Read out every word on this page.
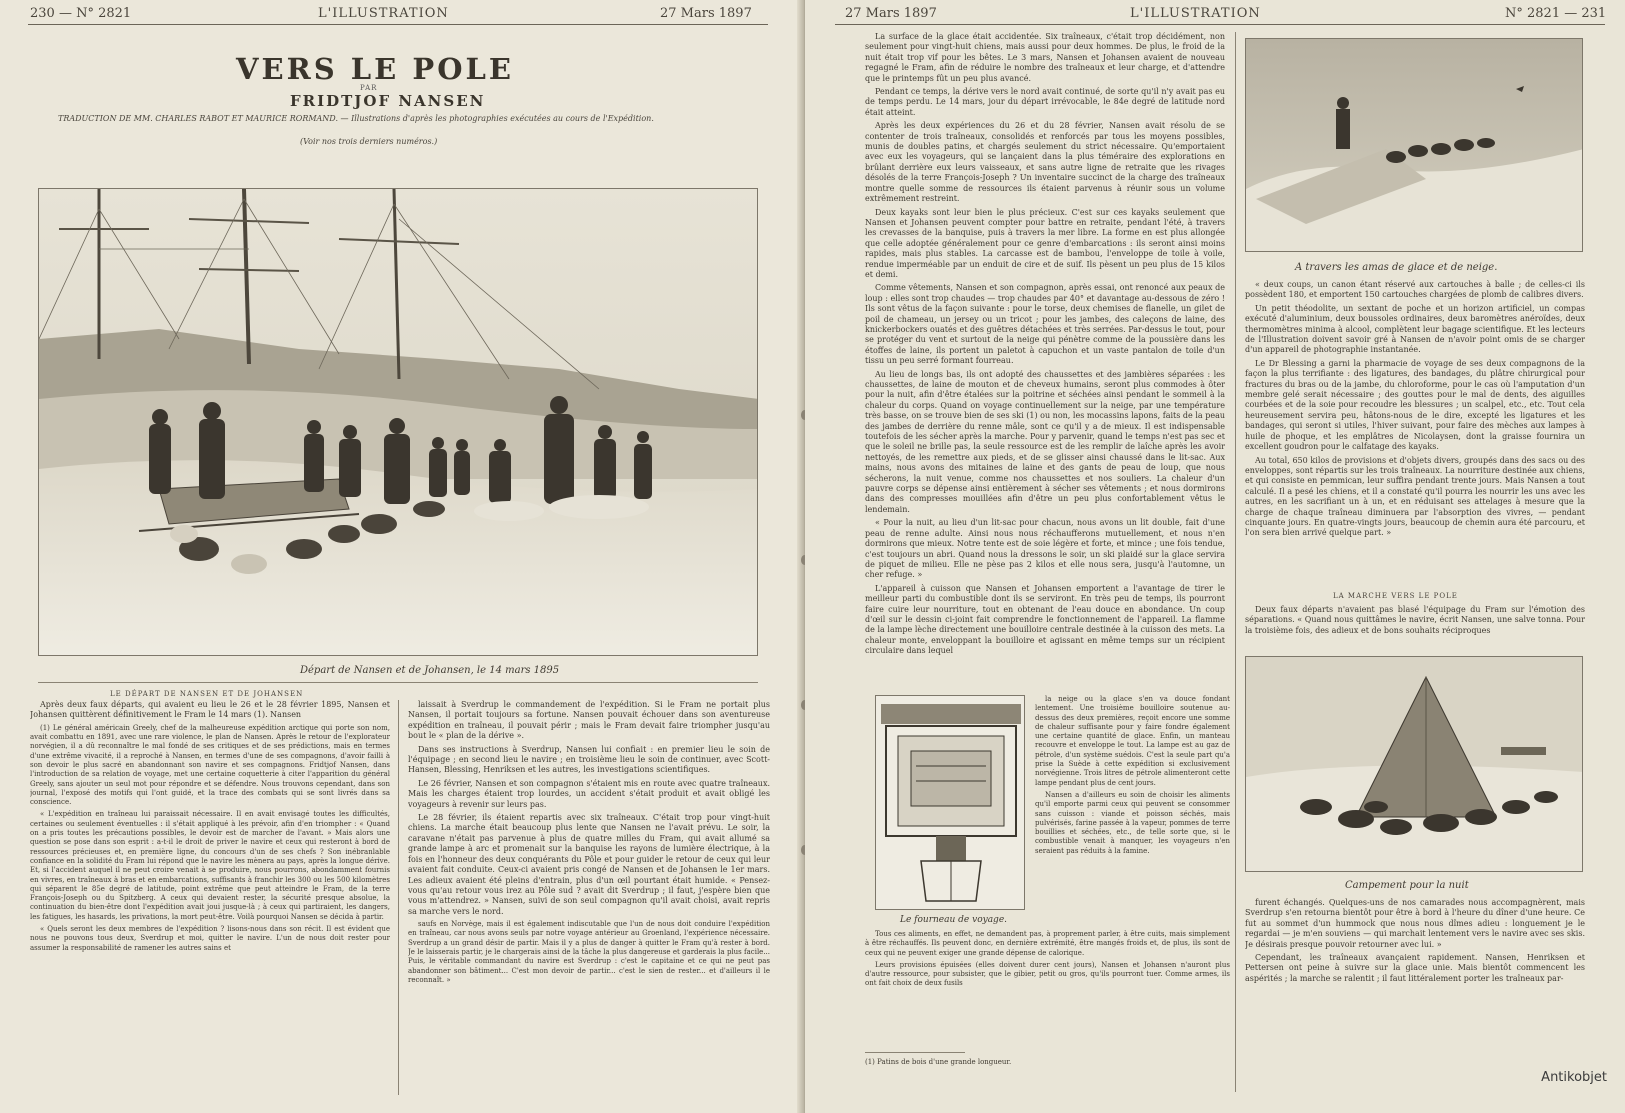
230 — N° 2821	L'ILLUSTRATION	27 Mars 1897
VERS LE POLE
PAR
FRIDTJOF NANSEN
TRADUCTION DE MM. CHARLES RABOT ET MAURICE RORMAND. — Illustrations d'après les photographies exécutées au cours de l'Expédition.
(Voir nos trois derniers numéros.)
Départ de Nansen et de Johansen, le 14 mars 1895
LE DÉPART DE NANSEN ET DE JOHANSEN

Après deux faux départs, qui avaient eu lieu le 26 et le 28 février 1895, Nansen et Johansen quittèrent définitivement le Fram le 14 mars (1). Nansen

(1) Le général américain Greely, chef de la malheureuse expédition arctique qui porte son nom, avait combattu en 1891, avec une rare violence, le plan de Nansen. Après le retour de l'explorateur norvégien, il a dû reconnaître le mal fondé de ses critiques et de ses prédictions, mais en termes d'une extrême vivacité, il a reproché à Nansen, en termes d'une de ses compagnons, d'avoir failli à son devoir le plus sacré en abandonnant son navire et ses compagnons. Fridtjof Nansen, dans l'introduction de sa relation de voyage, met une certaine coquetterie à citer l'apparition du général Greely, sans ajouter un seul mot pour répondre et se défendre. Nous trouvons cependant, dans son journal, l'exposé des motifs qui l'ont guidé, et la trace des combats qui se sont livrés dans sa conscience.

« L'expédition en traîneau lui paraissait nécessaire. Il en avait envisagé toutes les difficultés, certaines ou seulement éventuelles : il s'était appliqué à les prévoir, afin d'en triompher : « Quand on a pris toutes les précautions possibles, le devoir est de marcher de l'avant. » Mais alors une question se pose dans son esprit : a-t-il le droit de priver le navire et ceux qui resteront à bord de ressources précieuses et, en première ligne, du concours d'un de ses chefs ? Son inébranlable confiance en la solidité du Fram lui répond que le navire les mènera au pays, après la longue dérive. Et, si l'accident auquel il ne peut croire venait à se produire, nous pourrons, abondamment fournis en vivres, en traîneaux à bras et en embarcations, suffisants à franchir les 300 ou les 500 kilomètres qui séparent le 85e degré de latitude, point extrême que peut atteindre le Fram, de la terre François-Joseph ou du Spitzberg. A ceux qui devaient rester, la sécurité presque absolue, la continuation du bien-être dont l'expédition avait joui jusque-là ; à ceux qui partiraient, les dangers, les fatigues, les hasards, les privations, la mort peut-être. Voilà pourquoi Nansen se décida à partir.

« Quels seront les deux membres de l'expédition ? lisons-nous dans son récit. Il est évident que nous ne pouvons tous deux, Sverdrup et moi, quitter le navire. L'un de nous doit rester pour assumer la responsabilité de ramener les autres sains et

laissait à Sverdrup le commandement de l'expédition. Si le Fram ne portait plus Nansen, il portait toujours sa fortune. Nansen pouvait échouer dans son aventureuse expédition en traîneau, il pouvait périr ; mais le Fram devait faire triompher jusqu'au bout le « plan de la dérive ».

Dans ses instructions à Sverdrup, Nansen lui confiait : en premier lieu le soin de l'équipage ; en second lieu le navire ; en troisième lieu le soin de continuer, avec Scott-Hansen, Blessing, Henriksen et les autres, les investigations scientifiques.

Le 26 février, Nansen et son compagnon s'étaient mis en route avec quatre traîneaux. Mais les charges étaient trop lourdes, un accident s'était produit et avait obligé les voyageurs à revenir sur leurs pas.

Le 28 février, ils étaient repartis avec six traîneaux. C'était trop pour vingt-huit chiens. La marche était beaucoup plus lente que Nansen ne l'avait prévu. Le soir, la caravane n'était pas parvenue à plus de quatre milles du Fram, qui avait allumé sa grande lampe à arc et promenait sur la banquise les rayons de lumière électrique, à la fois en l'honneur des deux conquérants du Pôle et pour guider le retour de ceux qui leur avaient fait conduite. Ceux-ci avaient pris congé de Nansen et de Johansen le 1er mars. Les adieux avaient été pleins d'entrain, plus d'un œil pourtant était humide. « Pensez-vous qu'au retour vous irez au Pôle sud ? avait dit Sverdrup ; il faut, j'espère bien que vous m'attendrez. » Nansen, suivi de son seul compagnon qu'il avait choisi, avait repris sa marche vers le nord.

saufs en Norvège, mais il est également indiscutable que l'un de nous doit conduire l'expédition en traîneau, car nous avons seuls par notre voyage antérieur au Groenland, l'expérience nécessaire. Sverdrup a un grand désir de partir. Mais il y a plus de danger à quitter le Fram qu'à rester à bord. Je le laisserais partir, je le chargerais ainsi de la tâche la plus dangereuse et garderais la plus facile... Puis, le véritable commandant du navire est Sverdrup : c'est le capitaine et ce qui ne peut pas abandonner son bâtiment... C'est mon devoir de partir... c'est le sien de rester... et d'ailleurs il le reconnaît. »

27 Mars 1897	L'ILLUSTRATION	N° 2821 — 231

La surface de la glace était accidentée. Six traîneaux, c'était trop décidément, non seulement pour vingt-huit chiens, mais aussi pour deux hommes. De plus, le froid de la nuit était trop vif pour les bêtes. Le 3 mars, Nansen et Johansen avaient de nouveau regagné le Fram, afin de réduire le nombre des traîneaux et leur charge, et d'attendre que le printemps fût un peu plus avancé.

Pendant ce temps, la dérive vers le nord avait continué, de sorte qu'il n'y avait pas eu de temps perdu. Le 14 mars, jour du départ irrévocable, le 84e degré de latitude nord était atteint.

Après les deux expériences du 26 et du 28 février, Nansen avait résolu de se contenter de trois traîneaux, consolidés et renforcés par tous les moyens possibles, munis de doubles patins, et chargés seulement du strict nécessaire. Qu'emportaient avec eux les voyageurs, qui se lançaient dans la plus téméraire des explorations en brûlant derrière eux leurs vaisseaux, et sans autre ligne de retraite que les rivages désolés de la terre François-Joseph ? Un inventaire succinct de la charge des traîneaux montre quelle somme de ressources ils étaient parvenus à réunir sous un volume extrêmement restreint.

Deux kayaks sont leur bien le plus précieux. C'est sur ces kayaks seulement que Nansen et Johansen peuvent compter pour battre en retraite, pendant l'été, à travers les crevasses de la banquise, puis à travers la mer libre. La forme en est plus allongée que celle adoptée généralement pour ce genre d'embarcations : ils seront ainsi moins rapides, mais plus stables. La carcasse est de bambou, l'enveloppe de toile à voile, rendue imperméable par un enduit de cire et de suif. Ils pèsent un peu plus de 15 kilos et demi.

Comme vêtements, Nansen et son compagnon, après essai, ont renoncé aux peaux de loup : elles sont trop chaudes — trop chaudes par 40° et davantage au-dessous de zéro ! Ils sont vêtus de la façon suivante : pour le torse, deux chemises de flanelle, un gilet de poil de chameau, un jersey ou un tricot ; pour les jambes, des caleçons de laine, des knickerbockers ouatés et des guêtres détachées et très serrées. Par-dessus le tout, pour se protéger du vent et surtout de la neige qui pénètre comme de la poussière dans les étoffes de laine, ils portent un paletot à capuchon et un vaste pantalon de toile d'un tissu un peu serré formant fourreau.

Au lieu de longs bas, ils ont adopté des chaussettes et des jambières séparées : les chaussettes, de laine de mouton et de cheveux humains, seront plus commodes à ôter pour la nuit, afin d'être étalées sur la poitrine et séchées ainsi pendant le sommeil à la chaleur du corps. Quand on voyage continuellement sur la neige, par une température très basse, on se trouve bien de ses ski (1) ou non, les mocassins lapons, faits de la peau des jambes de derrière du renne mâle, sont ce qu'il y a de mieux. Il est indispensable toutefois de les sécher après la marche. Pour y parvenir, quand le temps n'est pas sec et que le soleil ne brille pas, la seule ressource est de les remplir de laîche après les avoir nettoyés, de les remettre aux pieds, et de se glisser ainsi chaussé dans le lit-sac. Aux mains, nous avons des mitaines de laine et des gants de peau de loup, que nous sécherons, la nuit venue, comme nos chaussettes et nos souliers. La chaleur d'un pauvre corps se dépense ainsi entièrement à sécher ses vêtements ; et nous dormirons dans des compresses mouillées afin d'être un peu plus confortablement vêtus le lendemain.

« Pour la nuit, au lieu d'un lit-sac pour chacun, nous avons un lit double, fait d'une peau de renne adulte. Ainsi nous nous réchaufferons mutuellement, et nous n'en dormirons que mieux. Notre tente est de soie légère et forte, et mince ; une fois tendue, c'est toujours un abri. Quand nous la dressons le soir, un ski plaidé sur la glace servira de piquet de milieu. Elle ne pèse pas 2 kilos et elle nous sera, jusqu'à l'automne, un cher refuge. »

L'appareil à cuisson que Nansen et Johansen emportent a l'avantage de tirer le meilleur parti du combustible dont ils se serviront. En très peu de temps, ils pourront faire cuire leur nourriture, tout en obtenant de l'eau douce en abondance. Un coup d'œil sur le dessin ci-joint fait comprendre le fonctionnement de l'appareil. La flamme de la lampe lèche directement une bouilloire centrale destinée à la cuisson des mets. La chaleur monte, enveloppant la bouilloire et agissant en même temps sur un récipient circulaire dans lequel

Le fourneau de voyage.

la neige ou la glace s'en va douce fondant lentement. Une troisième bouilloire soutenue au-dessus des deux premières, reçoit encore une somme de chaleur suffisante pour y faire fondre également une certaine quantité de glace. Enfin, un manteau recouvre et enveloppe le tout. La lampe est au gaz de pétrole, d'un système suédois. C'est la seule part qu'a prise la Suède à cette expédition si exclusivement norvégienne. Trois litres de pétrole alimenteront cette lampe pendant plus de cent jours.

Nansen a d'ailleurs eu soin de choisir les aliments qu'il emporte parmi ceux qui peuvent se consommer sans cuisson : viande et poisson séchés, mais pulvérisés, farine passée à la vapeur, pommes de terre bouillies et séchées, etc., de telle sorte que, si le combustible venait à manquer, les voyageurs n'en seraient pas réduits à la famine.

Tous ces aliments, en effet, ne demandent pas, à proprement parler, à être cuits, mais simplement à être réchauffés. Ils peuvent donc, en dernière extrémité, être mangés froids et, de plus, ils sont de ceux qui ne peuvent exiger une grande dépense de calorique.

Leurs provisions épuisées (elles doivent durer cent jours), Nansen et Johansen n'auront plus d'autre ressource, pour subsister, que le gibier, petit ou gros, qu'ils pourront tuer. Comme armes, ils ont fait choix de deux fusils

(1) Patins de bois d'une grande longueur.
A travers les amas de glace et de neige.

« deux coups, un canon étant réservé aux cartouches à balle ; de celles-ci ils possèdent 180, et emportent 150 cartouches chargées de plomb de calibres divers.

Un petit théodolite, un sextant de poche et un horizon artificiel, un compas exécuté d'aluminium, deux boussoles ordinaires, deux baromètres anéroïdes, deux thermomètres minima à alcool, complètent leur bagage scientifique. Et les lecteurs de l'Illustration doivent savoir gré à Nansen de n'avoir point omis de se charger d'un appareil de photographie instantanée.

Le Dr Blessing a garni la pharmacie de voyage de ses deux compagnons de la façon la plus terrifiante : des ligatures, des bandages, du plâtre chirurgical pour fractures du bras ou de la jambe, du chloroforme, pour le cas où l'amputation d'un membre gelé serait nécessaire ; des gouttes pour le mal de dents, des aiguilles courbées et de la soie pour recoudre les blessures ; un scalpel, etc., etc. Tout cela heureusement servira peu, hâtons-nous de le dire, excepté les ligatures et les bandages, qui seront si utiles, l'hiver suivant, pour faire des mèches aux lampes à huile de phoque, et les emplâtres de Nicolaysen, dont la graisse fournira un excellent goudron pour le calfatage des kayaks.

Au total, 650 kilos de provisions et d'objets divers, groupés dans des sacs ou des enveloppes, sont répartis sur les trois traîneaux. La nourriture destinée aux chiens, et qui consiste en pemmican, leur suffira pendant trente jours. Mais Nansen a tout calculé. Il a pesé les chiens, et il a constaté qu'il pourra les nourrir les uns avec les autres, en les sacrifiant un à un, et en réduisant ses attelages à mesure que la charge de chaque traîneau diminuera par l'absorption des vivres, — pendant cinquante jours. En quatre-vingts jours, beaucoup de chemin aura été parcouru, et l'on sera bien arrivé quelque part. »

LA MARCHE VERS LE POLE

Deux faux départs n'avaient pas blasé l'équipage du Fram sur l'émotion des séparations. « Quand nous quittâmes le navire, écrit Nansen, une salve tonna. Pour la troisième fois, des adieux et de bons souhaits réciproques

Campement pour la nuit

furent échangés. Quelques-uns de nos camarades nous accompagnèrent, mais Sverdrup s'en retourna bientôt pour être à bord à l'heure du dîner d'une heure. Ce fut au sommet d'un hummock que nous nous dîmes adieu : longuement je le regardai — je m'en souviens — qui marchait lentement vers le navire avec ses skis. Je désirais presque pouvoir retourner avec lui. »

Cependant, les traîneaux avançaient rapidement. Nansen, Henriksen et Pettersen ont peine à suivre sur la glace unie. Mais bientôt commencent les aspérités ; la marche se ralentit ; il faut littéralement porter les traîneaux par-

Antikobjet
